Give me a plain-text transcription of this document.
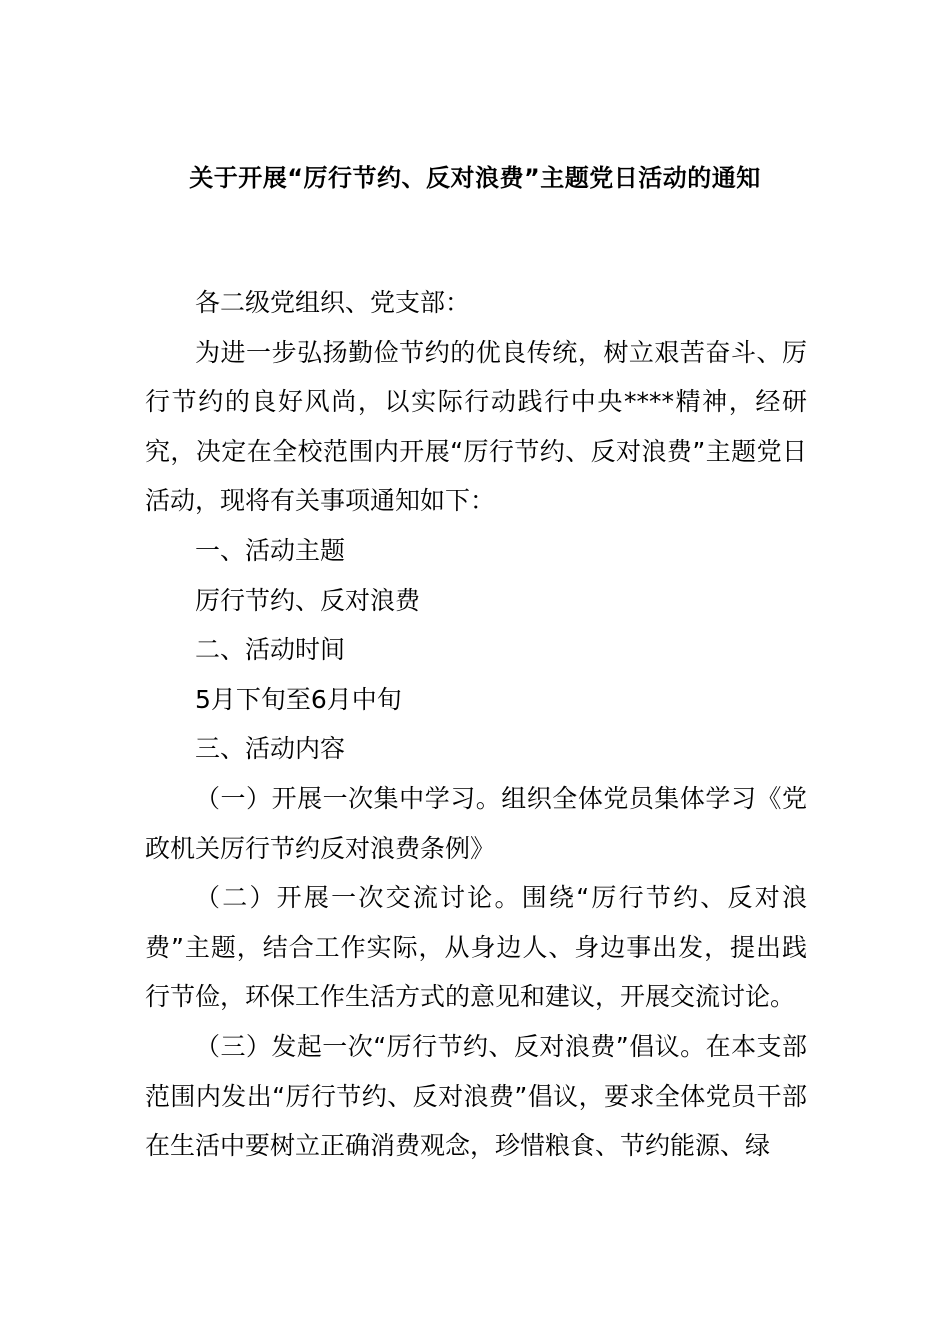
关于开展“厉行节约、反对浪费”主题党日活动的通知

各二级党组织、党支部：

为进一步弘扬勤俭节约的优良传统，树立艰苦奋斗、厉行节约的良好风尚，以实际行动践行中央****精神，经研究，决定在全校范围内开展“厉行节约、反对浪费”主题党日活动，现将有关事项通知如下：

一、活动主题

厉行节约、反对浪费

二、活动时间

5月下旬至6月中旬

三、活动内容

（一）开展一次集中学习。组织全体党员集体学习《党政机关厉行节约反对浪费条例》

（二）开展一次交流讨论。围绕“厉行节约、反对浪费”主题，结合工作实际，从身边人、身边事出发，提出践行节俭，环保工作生活方式的意见和建议，开展交流讨论。

（三）发起一次“厉行节约、反对浪费”倡议。在本支部范围内发出“厉行节约、反对浪费”倡议，要求全体党员干部在生活中要树立正确消费观念，珍惜粮食、节约能源、绿
